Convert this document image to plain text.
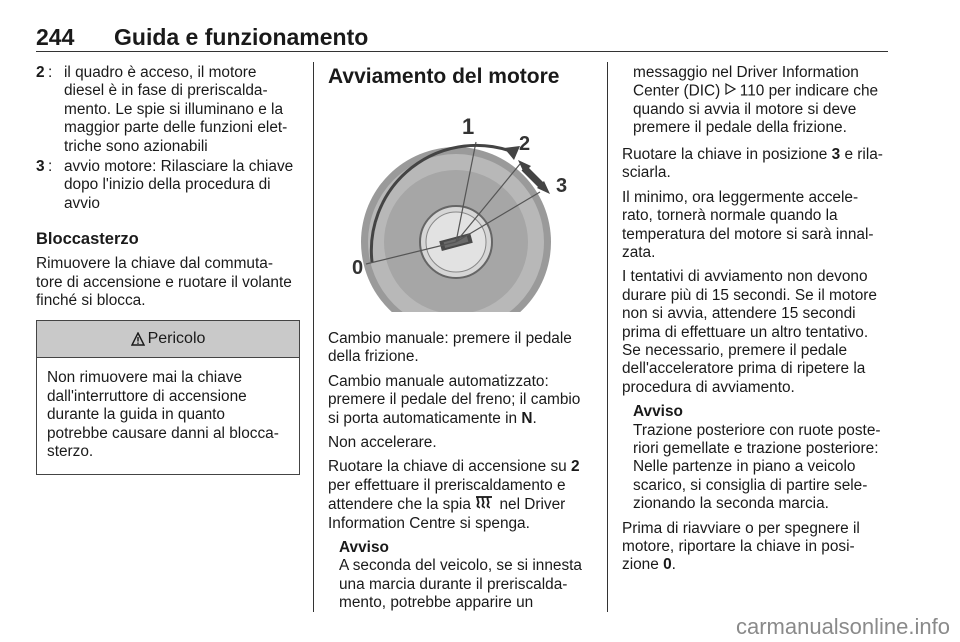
244 Guida e funzionamento
2 : il quadro è acceso, il motore diesel è in fase di preriscalda- mento. Le spie si illuminano e la maggior parte delle funzioni elet- triche sono azionabili
3 : avvio motore: Rilasciare la chiave dopo l'inizio della procedura di avvio
Bloccasterzo

Rimuovere la chiave dal commuta- tore di accensione e ruotare il volante finché si blocca.

Pericolo
Non rimuovere mai la chiave dall'interruttore di accensione durante la guida in quanto potrebbe causare danni al blocca- sterzo.
Avviamento del motore
0
1
2
3

Cambio manuale: premere il pedale della frizione.

Cambio manuale automatizzato: premere il pedale del freno; il cambio si porta automaticamente in N.

Non accelerare.

Ruotare la chiave di accensione su 2 per effettuare il preriscaldamento e attendere che la spia  nel Driver Information Centre si spenga.

Avviso
A seconda del veicolo, se si innesta una marcia durante il preriscalda- mento, potrebbe apparire un

messaggio nel Driver Information Center (DIC)  110 per indicare che quando si avvia il motore si deve premere il pedale della frizione.

Ruotare la chiave in posizione 3 e rila- sciarla.

Il minimo, ora leggermente accele- rato, tornerà normale quando la temperatura del motore si sarà innal- zata.

I tentativi di avviamento non devono durare più di 15 secondi. Se il motore non si avvia, attendere 15 secondi prima di effettuare un altro tentativo. Se necessario, premere il pedale dell'acceleratore prima di ripetere la procedura di avviamento.

Avviso
Trazione posteriore con ruote poste- riori gemellate e trazione posteriore: Nelle partenze in piano a veicolo scarico, si consiglia di partire sele- zionando la seconda marcia.

Prima di riavviare o per spegnere il motore, riportare la chiave in posi- zione 0.

carmanualsonline.info
